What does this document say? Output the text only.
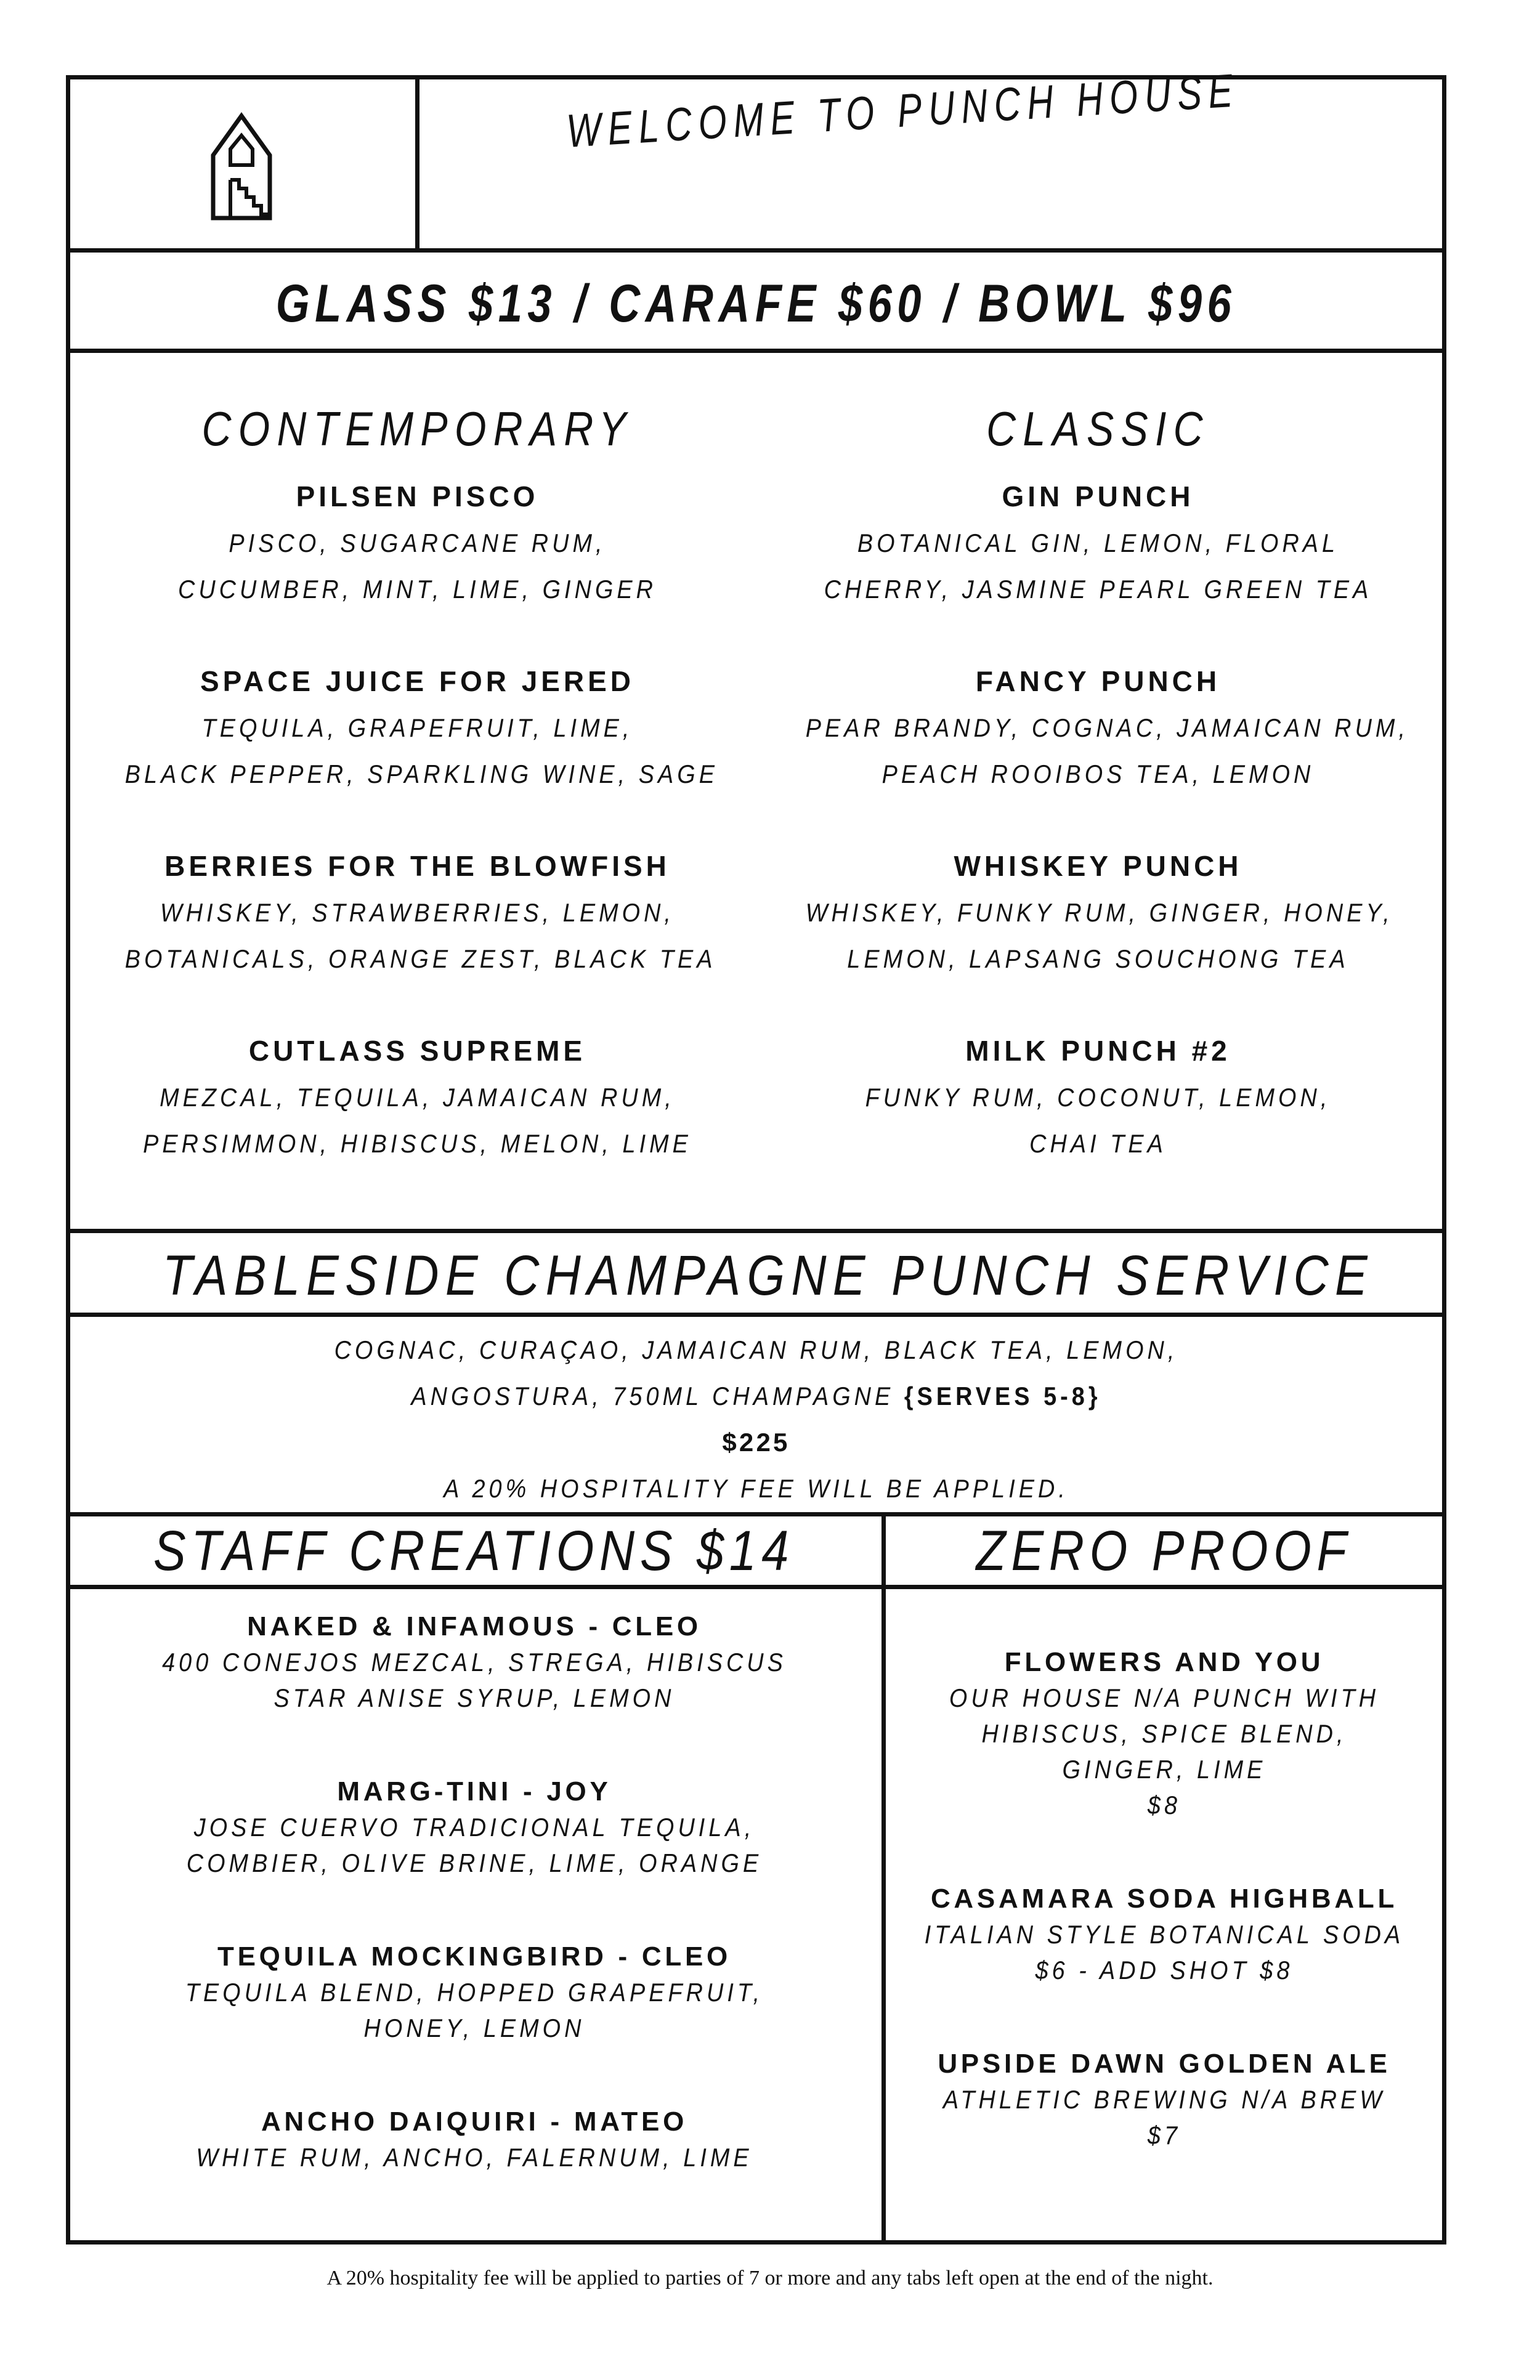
WELCOME TO PUNCH HOUSE
GLASS $13 / CARAFE $60 / BOWL $96
CONTEMPORARY
PILSEN PISCO
PISCO, SUGARCANE RUM,
CUCUMBER, MINT, LIME, GINGER
SPACE JUICE FOR JERED
TEQUILA, GRAPEFRUIT, LIME,
BLACK PEPPER, SPARKLING WINE, SAGE
BERRIES FOR THE BLOWFISH
WHISKEY, STRAWBERRIES, LEMON,
BOTANICALS, ORANGE ZEST, BLACK TEA
CUTLASS SUPREME
MEZCAL, TEQUILA, JAMAICAN RUM,
PERSIMMON, HIBISCUS, MELON, LIME
CLASSIC
GIN PUNCH
BOTANICAL GIN, LEMON, FLORAL
CHERRY, JASMINE PEARL GREEN TEA
FANCY PUNCH
PEAR BRANDY, COGNAC, JAMAICAN RUM,
PEACH ROOIBOS TEA, LEMON
WHISKEY PUNCH
WHISKEY, FUNKY RUM, GINGER, HONEY,
LEMON, LAPSANG SOUCHONG TEA
MILK PUNCH #2
FUNKY RUM, COCONUT, LEMON,
CHAI TEA
TABLESIDE CHAMPAGNE PUNCH SERVICE
COGNAC, CURAÇAO, JAMAICAN RUM, BLACK TEA, LEMON,
ANGOSTURA, 750ML CHAMPAGNE {SERVES 5-8}
$225
A 20% HOSPITALITY FEE WILL BE APPLIED.
STAFF CREATIONS $14
NAKED & INFAMOUS - CLEO
400 CONEJOS MEZCAL, STREGA, HIBISCUS
STAR ANISE SYRUP, LEMON
MARG-TINI - JOY
JOSE CUERVO TRADICIONAL TEQUILA,
COMBIER, OLIVE BRINE, LIME, ORANGE
TEQUILA MOCKINGBIRD - CLEO
TEQUILA BLEND, HOPPED GRAPEFRUIT,
HONEY, LEMON
ANCHO DAIQUIRI - MATEO
WHITE RUM, ANCHO, FALERNUM, LIME
ZERO PROOF
FLOWERS AND YOU
OUR HOUSE N/A PUNCH WITH
HIBISCUS, SPICE BLEND,
GINGER, LIME
$8
CASAMARA SODA HIGHBALL
ITALIAN STYLE BOTANICAL SODA
$6 - ADD SHOT $8
UPSIDE DAWN GOLDEN ALE
ATHLETIC BREWING N/A BREW
$7
A 20% hospitality fee will be applied to parties of 7 or more and any tabs left open at the end of the night.
